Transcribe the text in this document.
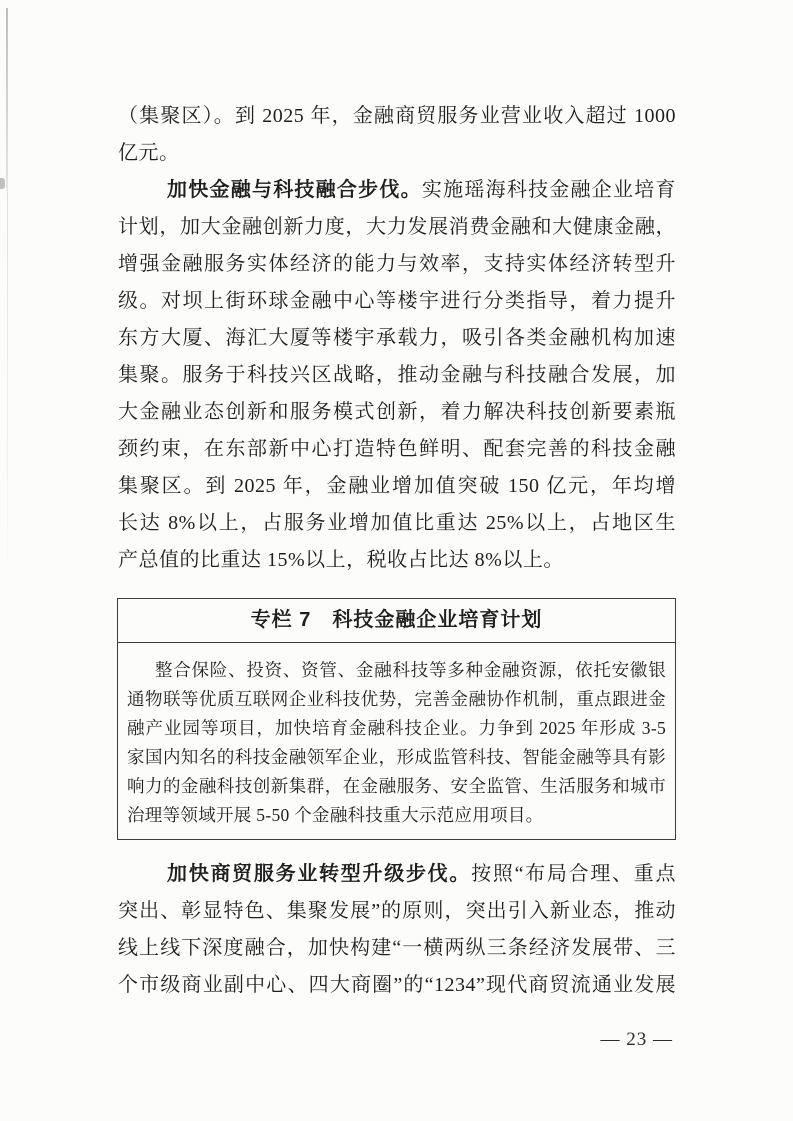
（集聚区）。到 2025 年，金融商贸服务业营业收入超过 1000
亿元。
加快金融与科技融合步伐。实施瑶海科技金融企业培育
计划，加大金融创新力度，大力发展消费金融和大健康金融，
增强金融服务实体经济的能力与效率，支持实体经济转型升
级。对坝上街环球金融中心等楼宇进行分类指导，着力提升
东方大厦、海汇大厦等楼宇承载力，吸引各类金融机构加速
集聚。服务于科技兴区战略，推动金融与科技融合发展，加
大金融业态创新和服务模式创新，着力解决科技创新要素瓶
颈约束，在东部新中心打造特色鲜明、配套完善的科技金融
集聚区。到 2025 年，金融业增加值突破 150 亿元，年均增
长达 8%以上，占服务业增加值比重达 25%以上，占地区生
产总值的比重达 15%以上，税收占比达 8%以上。
专栏 7　科技金融企业培育计划
整合保险、投资、资管、金融科技等多种金融资源，依托安徽银
通物联等优质互联网企业科技优势，完善金融协作机制，重点跟进金
融产业园等项目，加快培育金融科技企业。力争到 2025 年形成 3-5
家国内知名的科技金融领军企业，形成监管科技、智能金融等具有影
响力的金融科技创新集群，在金融服务、安全监管、生活服务和城市
治理等领域开展 5-50 个金融科技重大示范应用项目。
加快商贸服务业转型升级步伐。按照“布局合理、重点
突出、彰显特色、集聚发展”的原则，突出引入新业态，推动
线上线下深度融合，加快构建“一横两纵三条经济发展带、三
个市级商业副中心、四大商圈”的“1234”现代商贸流通业发展
— 23 —
